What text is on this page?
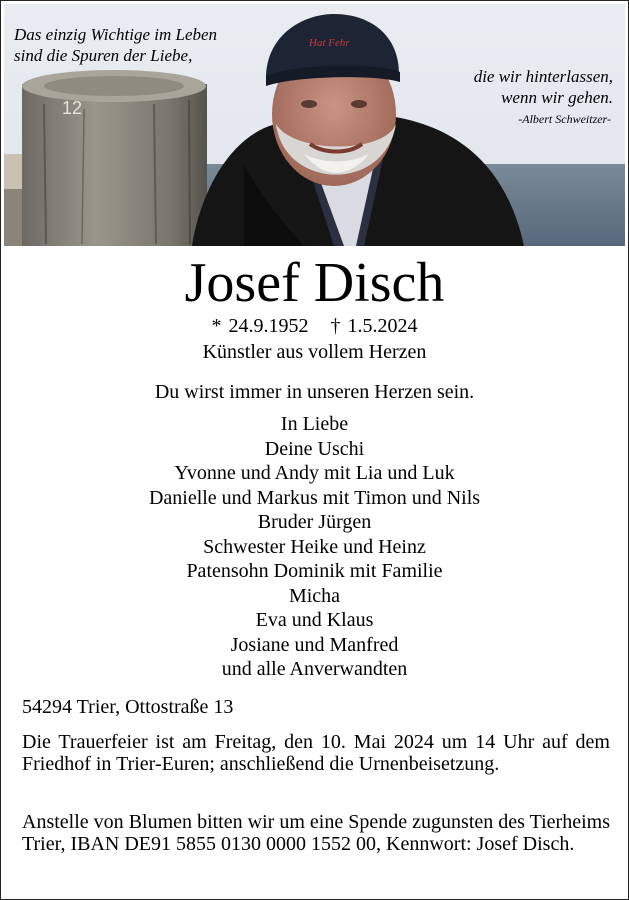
12
Hat Fehr
Das einzig Wichtige im Leben
sind die Spuren der Liebe,
die wir hinterlassen,
wenn wir gehen.
-Albert Schweitzer-
Josef Disch
* 24.9.1952 † 1.5.2024
Künstler aus vollem Herzen
Du wirst immer in unseren Herzen sein.
In Liebe
Deine Uschi
Yvonne und Andy mit Lia und Luk
Danielle und Markus mit Timon und Nils
Bruder Jürgen
Schwester Heike und Heinz
Patensohn Dominik mit Familie
Micha
Eva und Klaus
Josiane und Manfred
und alle Anverwandten
54294 Trier, Ottostraße 13
Die Trauerfeier ist am Freitag, den 10. Mai 2024 um 14 Uhr auf dem Friedhof in Trier-Euren; anschließend die Urnenbeisetzung.
Anstelle von Blumen bitten wir um eine Spende zugunsten des Tierheims Trier, IBAN DE91 5855 0130 0000 1552 00, Kennwort: Josef Disch.
